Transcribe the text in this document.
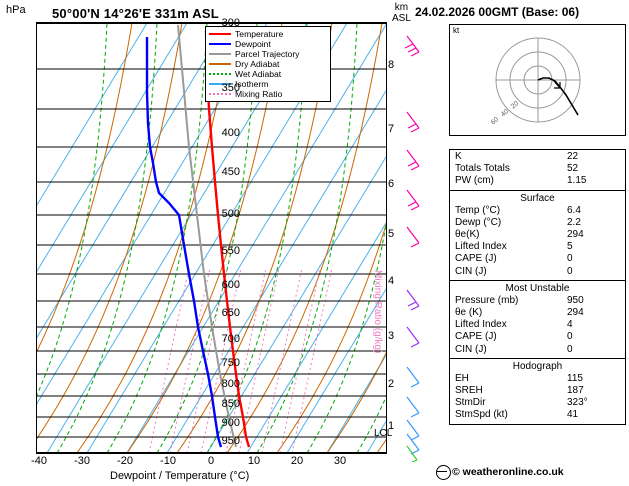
hPa 50°00'N 14°26'E 331m ASL	km
ASL 24.02.2026 00GMT (Base: 06)
Temperature
Dewpoint
Parcel Trajectory
Dry Adiabat
Wet Adiabat
Isotherm
Mixing Ratio
300
350
400
450
500
550
600
650
700
750
800
850
900
950
-40	-30	-20	-10	0	10	20	30
Dewpoint / Temperature (°C)
8
7
6
5
4
3
2
1
Mixing Ratio (g/kg)
LCL
kt
20
40
60
K	22
Totals Totals	52
PW (cm)	1.15
Surface
Temp (°C)	6.4
Dewp (°C)	2.2
θe(K)	294
Lifted Index	5
CAPE (J)	0
CIN (J)	0
Most Unstable
Pressure (mb)	950
θe (K)	294
Lifted Index	4
CAPE (J)	0
CIN (J)	0
Hodograph
EH	115
SREH	187
StmDir	323°
StmSpd (kt)	41
© weatheronline.co.uk
